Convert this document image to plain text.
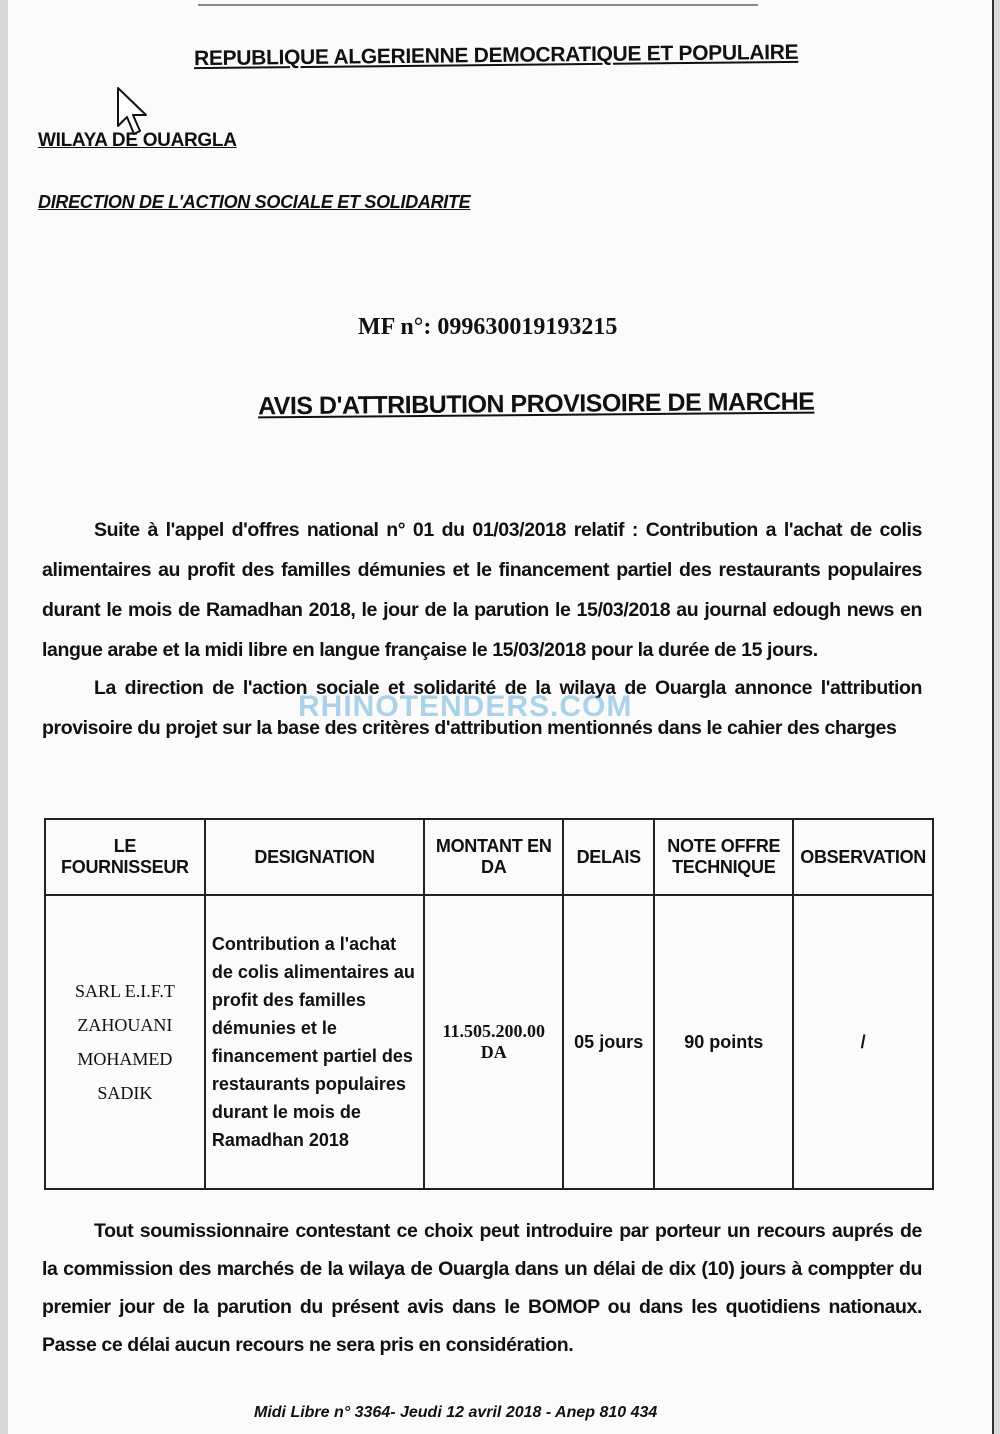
REPUBLIQUE ALGERIENNE DEMOCRATIQUE ET POPULAIRE
WILAYA DE OUARGLA
DIRECTION DE L'ACTION SOCIALE ET SOLIDARITE
MF n°: 099630019193215
AVIS D'ATTRIBUTION PROVISOIRE DE MARCHE
Suite à l'appel d'offres national n° 01 du 01/03/2018 relatif : Contribution a l'achat de colis alimentaires au profit des familles démunies et le financement partiel des restaurants populaires durant le mois de Ramadhan 2018, le jour de la parution le 15/03/2018 au journal edough news en langue arabe et la midi libre en langue française le 15/03/2018 pour la durée de 15 jours.
La direction de l'action sociale et solidarité de la wilaya de Ouargla annonce l'attribution provisoire du projet sur la base des critères d'attribution mentionnés dans le cahier des charges
RHINOTENDERS.COM
LE FOURNISSEUR	DESIGNATION	MONTANT EN DA	DELAIS	NOTE OFFRE TECHNIQUE	OBSERVATION
SARL E.I.F.T ZAHOUANI MOHAMED SADIK	Contribution a l'achat de colis alimentaires au profit des familles démunies et le financement partiel des restaurants populaires durant le mois de Ramadhan 2018	11.505.200.00 DA	05 jours	90 points	/
Tout soumissionnaire contestant ce choix peut introduire par porteur un recours auprés de la commission des marchés de la wilaya de Ouargla dans un délai de dix (10) jours à comppter du premier jour de la parution du présent avis dans le BOMOP ou dans les quotidiens nationaux. Passe ce délai aucun recours ne sera pris en considération.
Midi Libre n° 3364- Jeudi 12 avril 2018 - Anep 810 434
